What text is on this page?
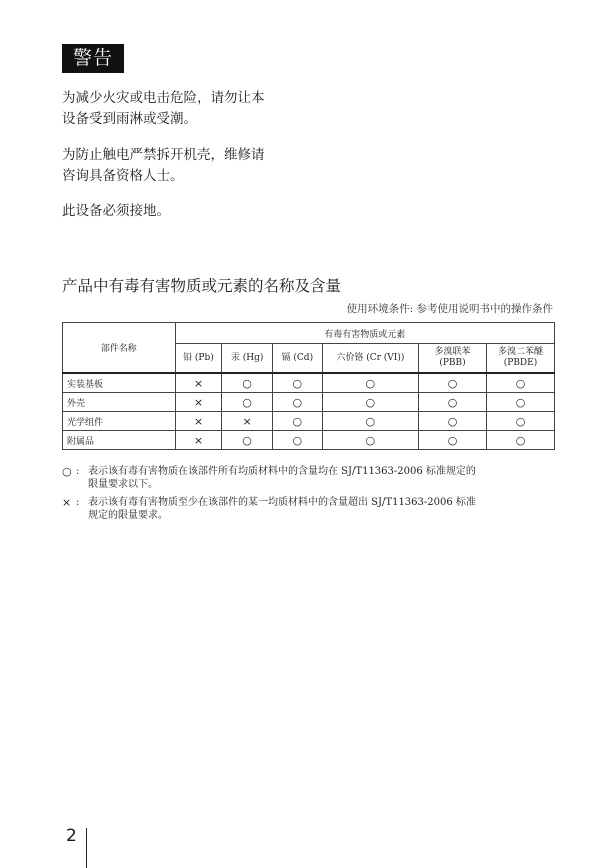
警告
为减少火灾或电击危险，请勿让本
设备受到雨淋或受潮。
为防止触电严禁拆开机壳，维修请
咨询具备资格人士。
此设备必须接地。
产品中有毒有害物质或元素的名称及含量
使用环境条件: 参考使用说明书中的操作条件
部件名称	有毒有害物质或元素					
	铅 (Pb)	汞 (Hg)	镉 (Cd)	六价铬 (Cr (VI))	多溴联苯
(PBB)	多溴二苯醚
(PBDE)
实装基板	×	○	○	○	○	○
外壳	×	○	○	○	○	○
光学组件	×	×	○	○	○	○
附属品	×	○	○	○	○	○
○ : 表示该有毒有害物质在该部件所有均质材料中的含量均在 SJ/T11363-2006 标准规定的
限量要求以下。
× : 表示该有毒有害物质至少在该部件的某一均质材料中的含量超出 SJ/T11363-2006 标准
规定的限量要求。
2
